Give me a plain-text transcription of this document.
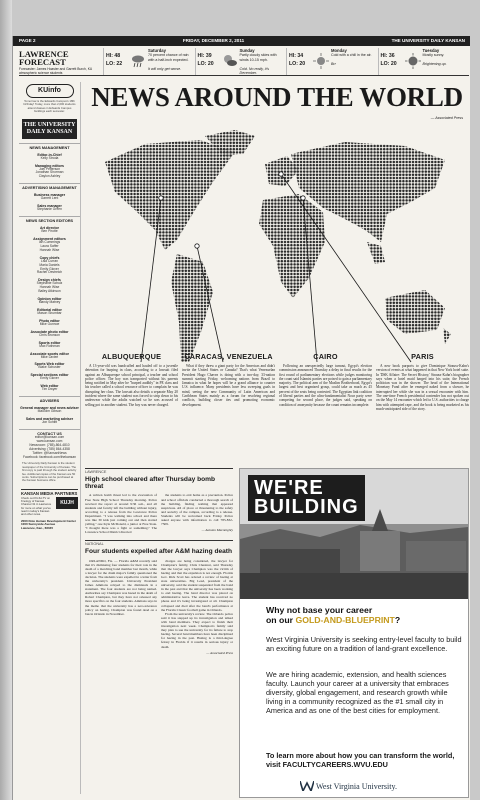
PAGE 2	FRIDAY, DECEMBER 2, 2011	THE UNIVERSITY DAILY KANSAN
LAWRENCE
FORECAST
Forecaster: James Hoaster and Garrett Burch, KU atmospheric science students
HI: 48
LO: 22
Saturday
70 percent chance of rain with a half-inch expected.

It will only get worse.
HI: 39
LO: 20
Sunday
Partly cloudy skies with winds 10-15 mph.

Cold. No really, it's December.
HI: 34
LO: 20
Monday
Cold with a chill in the air.

Brr
HI: 36
LO: 20
Tuesday
Mostly sunny.

Brightening up.
KUinfo
Tomorrow is the Edwards Campus's 18th birthday! Today, more than 2,000 students attend classes in Edwards Campus buildings each semester.
THE UNIVERSITY DAILY KANSAN
NEWS MANAGEMENT
Editor-in-Chief
Kelly Stroda
Managing editors
Joel Petterson
Jonathan Shorman
Ciaylon Ashley
ADVERTISING MANAGEMENT
Business manager
Garrett Lent
Sales manager
Stephanie Green
NEWS SECTION EDITORS
Art director
Ben Pirotte
Assignment editors
Ian Cummings
Laura Saffer
Hannah Wise
Copy chiefs
Lisa Curran
Maria Daniels
Emily Glover
Rachel Oestreich
Design chiefs
Stephanie Schulz
Hannah Wise
Bailey Atkinson
Opinion editor
Mandy Matney
Editorial editor
Mason Shumbar
Photo editor
Mike Gunnoe
Associate photo editor
Chris Bronson
Sports editor
Max Rothman
Associate sports editor
Mike Lavieri
Sports Web editor
Blake Schuster
Special sections editor
Emily Glover
Web editor
Tim Dwyer
ADVISERS
General manager and news adviser
Malcolm Gibson
Sales and marketing adviser
Jon Schlitt
CONTACT US
editor@kansan.com
www.kansan.com
Newsroom: (785)-864-4810
Advertising: (785) 864-4358
Twitter: @KansanNews
Facebook: facebook.com/thekansan
The University Daily Kansan is the student newspaper of the University of Kansas. The first copy is paid through the student activity fee. Additional copies of the Kansan are 50 cents. Subscriptions can be purchased at the Kansan business office.
KANSAN MEDIA PARTNERS
Check out KUJH-TV on Knology of Kansas Channel 31 in Lawrence for more on what you've read in today's Kansan and other news.
KUJH
2000 Dole Human Development Center
1000 Sunnyside Avenue
Lawrence, Kan., 66045
NEWS AROUND THE WORLD
— Associated Press
ALBUQUERQUE

A 13-year-old was handcuffed and hauled off to a juvenile detention for burping in class, according to a lawsuit filed against an Albuquerque school principal, a teacher and school police officer. The boy was transported without his parents being notified in May after he "burped audibly" in PE class and his teacher called a school resource officer to complain he was disrupting her class. The lawsuit also details a separate May 20 incident where the same student was forced to strip down to his underwear while the adults watched so he was accused of selling pot to another student. The boy was never charged.

CARACAS, VENEZUELA

What if they threw a giant party for the Americas and didn't invite the United States or Canada? That's what Venezuelan President Hugo Chavez is doing with a two-day, 33-nation summit starting Friday, welcoming nations from Brazil to Jamaica in what he hopes will be a grand alliance to counter U.S. influence. Many presidents have less sweeping goals in mind, seeing the new Community of Latin American and Caribbean States mainly as a forum for resolving regional conflicts, building closer ties and promoting economic development.

CAIRO

Following an unexpectedly large turnout, Egypt's election commission announced Thursday a delay in final results for the first round of parliamentary elections while judges monitoring the count said Islamist parties are poised to gain a parliamentary majority. The political arm of the Muslim Brotherhood, Egypt's largest and best organized group, could take as much as 45 percent of the seats being contested. The Egyptian link coalition of liberal parties and the ultra-fundamentalist Nour party were competing for second place, the judges said, speaking on condition of anonymity because the count remains incomplete.

PARIS

A new book purports to give Dominique Strauss-Kahn's version of events at what happened in that New York hotel suite. In 'DSK Affaire: The Secret History,' Strauss-Kahn's biographer says when a hotel maid barged into his suite, the French politician was in the shower. The head of the International Monetary Fund after he emerged naked from a shower, he interrupted her while she was in a sexual encounter with him. The one-time French presidential contender has not spoken out on the May 14 encounter which led to U.S. authorities to charge him with attempted rape, and the book is being marketed as his much-anticipated side of the story.

LAWRENCE
High school cleared after Thursday bomb threat

A written bomb threat led to the evacuation of Free State High School Thursday morning. Police received the report at around 9:36 a.m., and all students and faculty left the building without injury, according to a release from the Lawrence Police Department. "I was walking into school and there was like 30 kids just coming out and then started yelling," one Kyle McDonald, a junior at Free State. "I thought there was a fight or something." The Lawrence School District directed

the students to exit home as a precaution. Police and school officials conducted a thorough search of the building, finding nothing that appeared suspicious. All of place or threatening to the safety and security of the campus, according to a release. Students will be welcomed back Friday. Police asked anyone with information to call 785-832-7509.

— Autumn Maennighty
NATIONAL
Four students expelled after A&M hazing death

ORLANDO, Fla. — Florida A&M recently said that it's dismissing four students for their role in the death of a marching band member last month, while a lawyer for the drum major's family questioned the decision. The students were expelled in a letter from the university's president. University President James Ammons relayed to the dismissals in a statement. The four students are not being named. Authorities say Champion was hazed in the death of Robert Champion, but they have not released any more specifics on the four students. Ammons says in the memo that the university has a zero-tolerance policy on hazing. Champion was found dead on a bus in Orlando in November.

charges are being considered, the lawyer for Champion's family, Chris Chestnut, said Thursday that the lawyer says Champion was the victim of hazing and that the expulsion is not enough. Florida Gov. Rick Scott has ordered a review of hazing at state universities. Big Lead, president of the university, said the student suspended from the band in the past and that the university has been working to end hazing. The band director was placed on administrative leave. The student has received no phone and it's being investigated at all. Champion collapsed and died after the band's performance at the Florida Classic football game in Orlando.

From the university's review. The Orlando police said it has stepped up its investigation and talked with band members. They expect to finish their investigation next week. Champion's family said they plan to sue the university for its failure to stop hazing. Several band members have been disciplined for hazing in the past. Hazing is a third-degree felony in Florida if it results in serious injury or death.

— Associated Press
WE'RE
BUILDING
Why not base your career
on our GOLD-AND-BLUEPRINT?
West Virginia University is seeking entry-level faculty to build an exciting future on a tradition of land-grant excellence.
We are hiring academic, extension, and health sciences faculty. Launch your career at a university that embraces diversity, global engagement, and research growth while living in a community recognized as the #1 small city in America and as one of the best cities for employment.
To learn more about how you can transform the world, visit FACULTYCAREERS.WVU.EDU
West Virginia University.
